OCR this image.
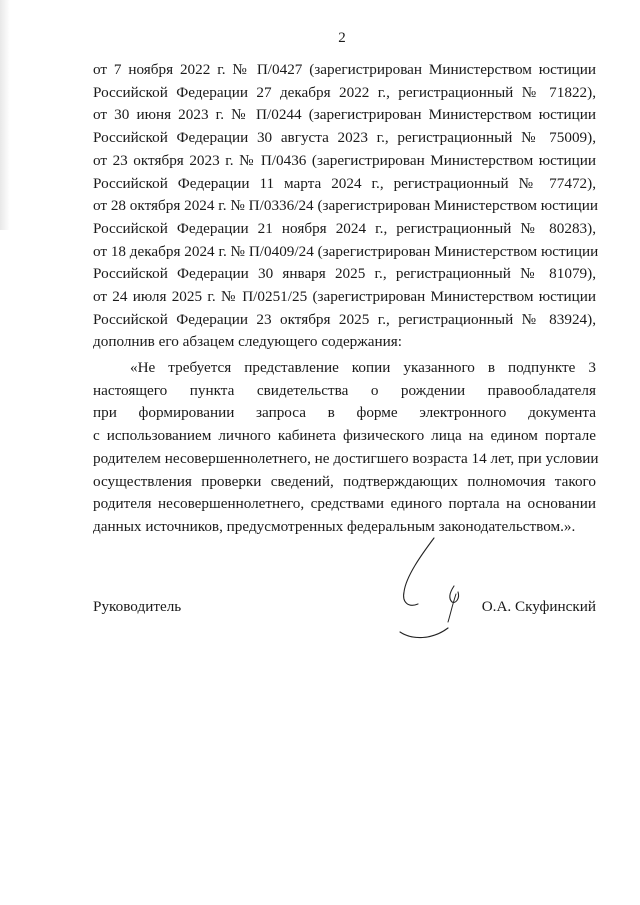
2
от 7 ноября 2022 г. № П/0427 (зарегистрирован Министерством юстиции
Российской Федерации 27 декабря 2022 г., регистрационный № 71822),
от 30 июня 2023 г. № П/0244 (зарегистрирован Министерством юстиции
Российской Федерации 30 августа 2023 г., регистрационный № 75009),
от 23 октября 2023 г. № П/0436 (зарегистрирован Министерством юстиции
Российской Федерации 11 марта 2024 г., регистрационный № 77472),
от 28 октября 2024 г. № П/0336/24 (зарегистрирован Министерством юстиции
Российской Федерации 21 ноября 2024 г., регистрационный № 80283),
от 18 декабря 2024 г. № П/0409/24 (зарегистрирован Министерством юстиции
Российской Федерации 30 января 2025 г., регистрационный № 81079),
от 24 июля 2025 г. № П/0251/25 (зарегистрирован Министерством юстиции
Российской Федерации 23 октября 2025 г., регистрационный № 83924),
дополнив его абзацем следующего содержания:
«Не требуется представление копии указанного в подпункте 3
настоящего пункта свидетельства о рождении правообладателя
при формировании запроса в форме электронного документа
с использованием личного кабинета физического лица на едином портале
родителем несовершеннолетнего, не достигшего возраста 14 лет, при условии
осуществления проверки сведений, подтверждающих полномочия такого
родителя несовершеннолетнего, средствами единого портала на основании
данных источников, предусмотренных федеральным законодательством.».
Руководитель	О.А. Скуфинский
